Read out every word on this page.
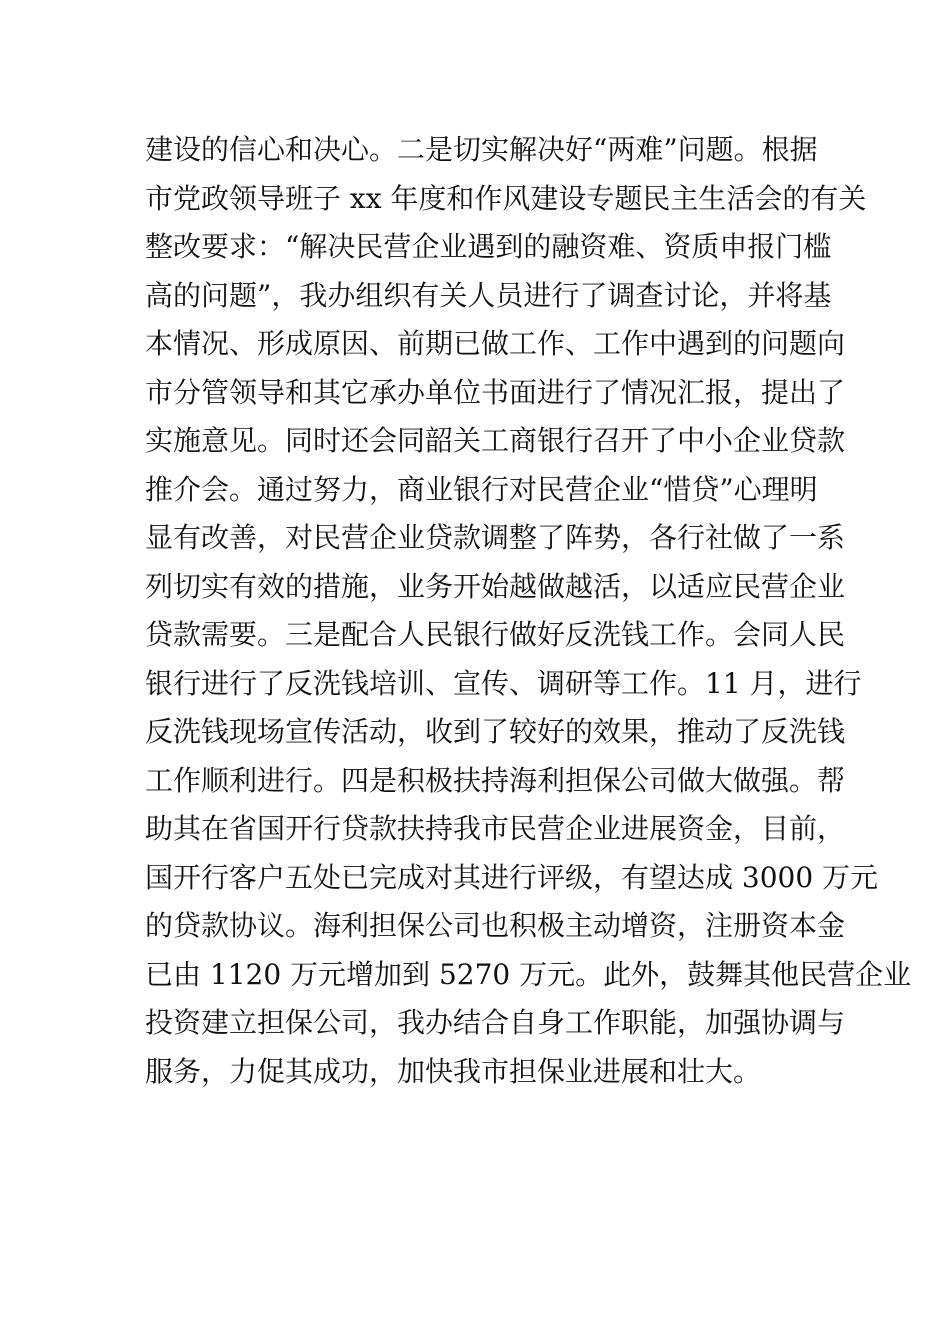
建设的信心和决心。二是切实解决好“两难”问题。根据
市党政领导班子 xx 年度和作风建设专题民主生活会的有关
整改要求：“解决民营企业遇到的融资难、资质申报门槛
高的问题”，我办组织有关人员进行了调查讨论，并将基
本情况、形成原因、前期已做工作、工作中遇到的问题向
市分管领导和其它承办单位书面进行了情况汇报，提出了
实施意见。同时还会同韶关工商银行召开了中小企业贷款
推介会。通过努力，商业银行对民营企业“惜贷”心理明
显有改善，对民营企业贷款调整了阵势，各行社做了一系
列切实有效的措施，业务开始越做越活，以适应民营企业
贷款需要。三是配合人民银行做好反洗钱工作。会同人民
银行进行了反洗钱培训、宣传、调研等工作。11 月，进行
反洗钱现场宣传活动，收到了较好的效果，推动了反洗钱
工作顺利进行。四是积极扶持海利担保公司做大做强。帮
助其在省国开行贷款扶持我市民营企业进展资金，目前，
国开行客户五处已完成对其进行评级，有望达成 3000 万元
的贷款协议。海利担保公司也积极主动增资，注册资本金
已由 1120 万元增加到 5270 万元。此外，鼓舞其他民营企业
投资建立担保公司，我办结合自身工作职能，加强协调与
服务，力促其成功，加快我市担保业进展和壮大。
